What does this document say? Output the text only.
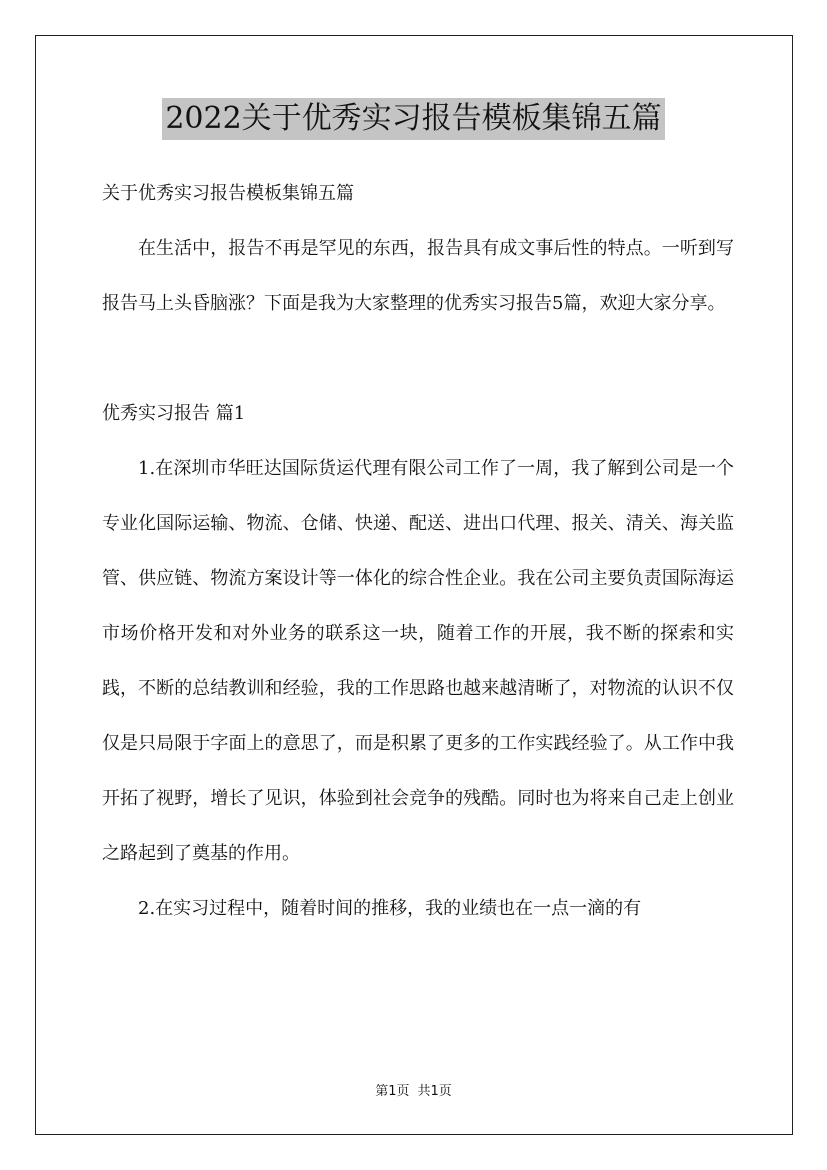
2022关于优秀实习报告模板集锦五篇

关于优秀实习报告模板集锦五篇

在生活中，报告不再是罕见的东西，报告具有成文事后性的特点。一听到写报告马上头昏脑涨？下面是我为大家整理的优秀实习报告5篇，欢迎大家分享。

优秀实习报告 篇1

1.在深圳市华旺达国际货运代理有限公司工作了一周，我了解到公司是一个专业化国际运输、物流、仓储、快递、配送、进出口代理、报关、清关、海关监管、供应链、物流方案设计等一体化的综合性企业。我在公司主要负责国际海运市场价格开发和对外业务的联系这一块，随着工作的开展，我不断的探索和实践，不断的总结教训和经验，我的工作思路也越来越清晰了，对物流的认识不仅仅是只局限于字面上的意思了，而是积累了更多的工作实践经验了。从工作中我开拓了视野，增长了见识，体验到社会竞争的残酷。同时也为将来自己走上创业之路起到了奠基的作用。

2.在实习过程中，随着时间的推移，我的业绩也在一点一滴的有

第1页 共1页
